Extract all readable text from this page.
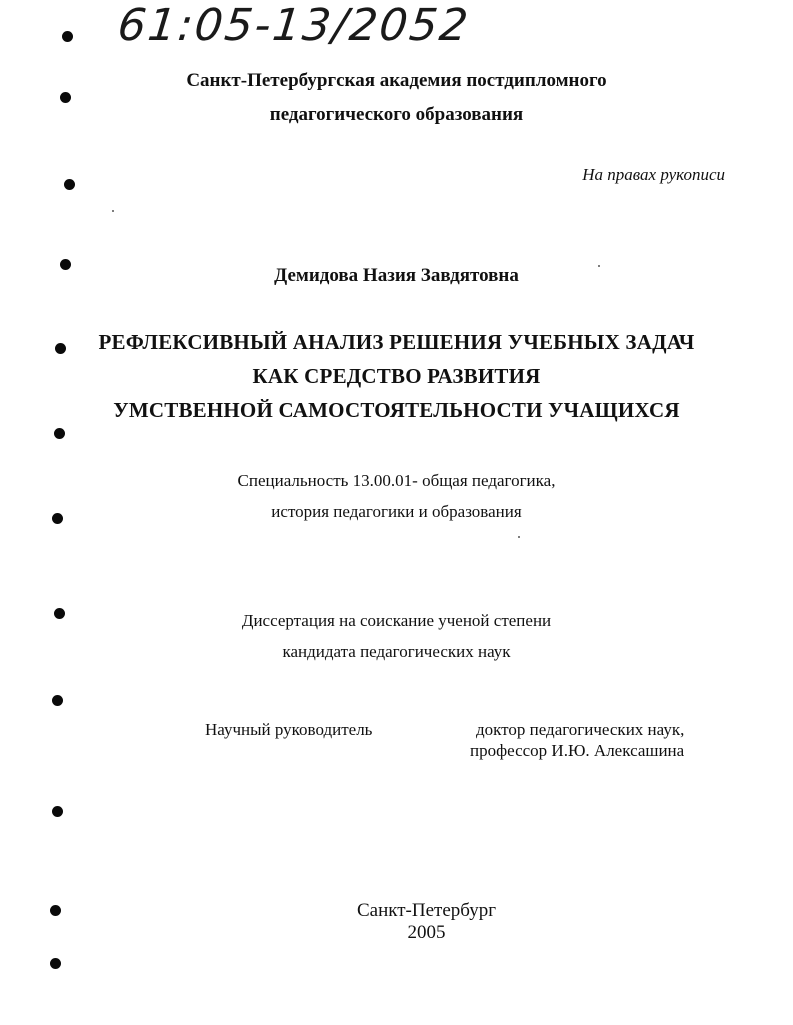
61:05-13/2052
Санкт-Петербургская академия постдипломного
педагогического образования
На правах рукописи
Демидова Назия Завдятовна
РЕФЛЕКСИВНЫЙ АНАЛИЗ РЕШЕНИЯ УЧЕБНЫХ ЗАДАЧ
КАК СРЕДСТВО РАЗВИТИЯ
УМСТВЕННОЙ САМОСТОЯТЕЛЬНОСТИ УЧАЩИХСЯ
Специальность 13.00.01- общая педагогика,
история педагогики и образования
Диссертация на соискание ученой степени
кандидата педагогических наук
Научный руководитель	доктор педагогических наук,
профессор И.Ю. Алексашина
Санкт-Петербург
2005
